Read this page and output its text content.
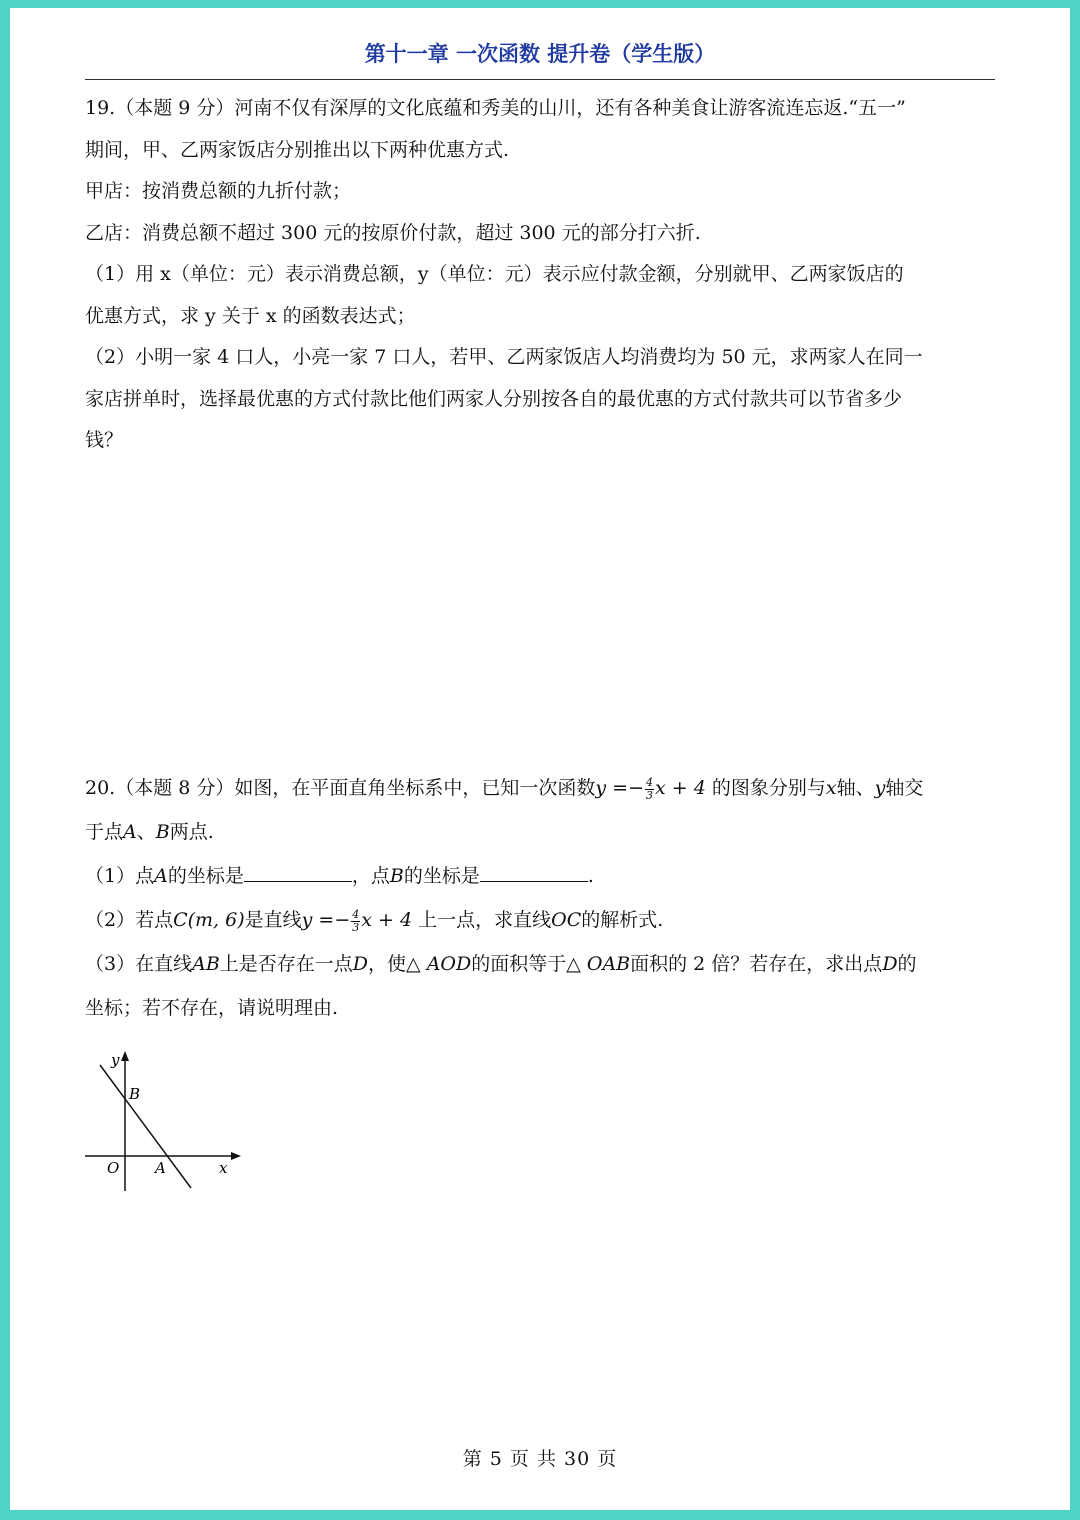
第十一章 一次函数 提升卷（学生版）

19.（本题 9 分）河南不仅有深厚的文化底蕴和秀美的山川，还有各种美食让游客流连忘返.“五一”

期间，甲、乙两家饭店分别推出以下两种优惠方式.

甲店：按消费总额的九折付款；

乙店：消费总额不超过 300 元的按原价付款，超过 300 元的部分打六折.

（1）用 x（单位：元）表示消费总额，y（单位：元）表示应付款金额，分别就甲、乙两家饭店的

优惠方式，求 y 关于 x 的函数表达式；

（2）小明一家 4 口人，小亮一家 7 口人，若甲、乙两家饭店人均消费均为 50 元，求两家人在同一

家店拼单时，选择最优惠的方式付款比他们两家人分别按各自的最优惠的方式付款共可以节省多少

钱？

20.（本题 8 分）如图，在平面直角坐标系中，已知一次函数$y =- \frac{4}{3}$ x + 4 的图象分别与x轴、y轴交

于点A、B两点.

（1）点A的坐标是	，点B的坐标是	.

（2）若点C(m, 6)是直线$y =- \frac{4}{3}$ x + 4 上一点，求直线OC的解析式.

（3）在直线AB上是否存在一点D，使△ AOD的面积等于△ OAB面积的 2 倍？若存在，求出点D的

坐标；若不存在，请说明理由.

y
B
O A	x
第 5 页 共 30 页
